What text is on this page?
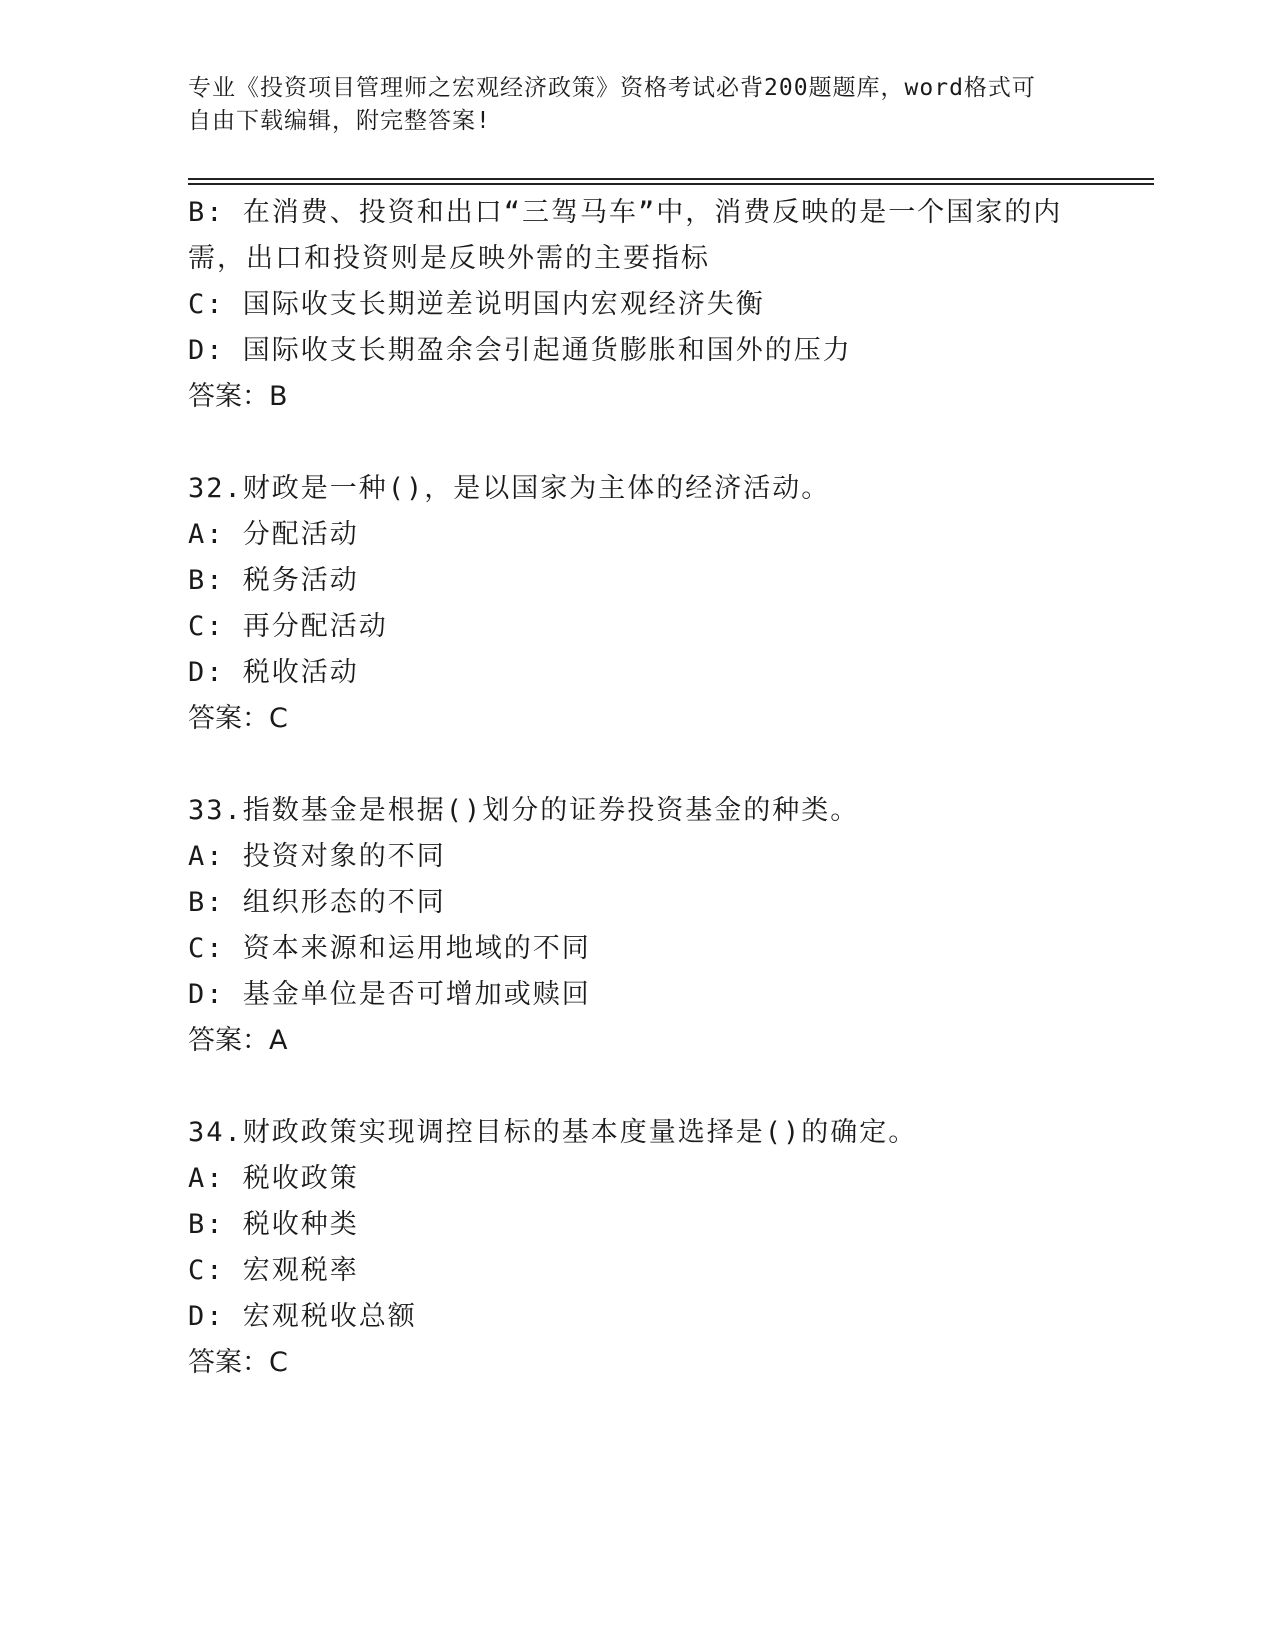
专业《投资项目管理师之宏观经济政策》资格考试必背200题题库，word格式可
自由下载编辑，附完整答案!
B: 在消费、投资和出口“三驾马车”中，消费反映的是一个国家的内
需，出口和投资则是反映外需的主要指标
C: 国际收支长期逆差说明国内宏观经济失衡
D: 国际收支长期盈余会引起通货膨胀和国外的压力
答案：B
32.财政是一种()，是以国家为主体的经济活动。
A: 分配活动
B: 税务活动
C: 再分配活动
D: 税收活动
答案：C
33.指数基金是根据()划分的证券投资基金的种类。
A: 投资对象的不同
B: 组织形态的不同
C: 资本来源和运用地域的不同
D: 基金单位是否可增加或赎回
答案：A
34.财政政策实现调控目标的基本度量选择是()的确定。
A: 税收政策
B: 税收种类
C: 宏观税率
D: 宏观税收总额
答案：C
